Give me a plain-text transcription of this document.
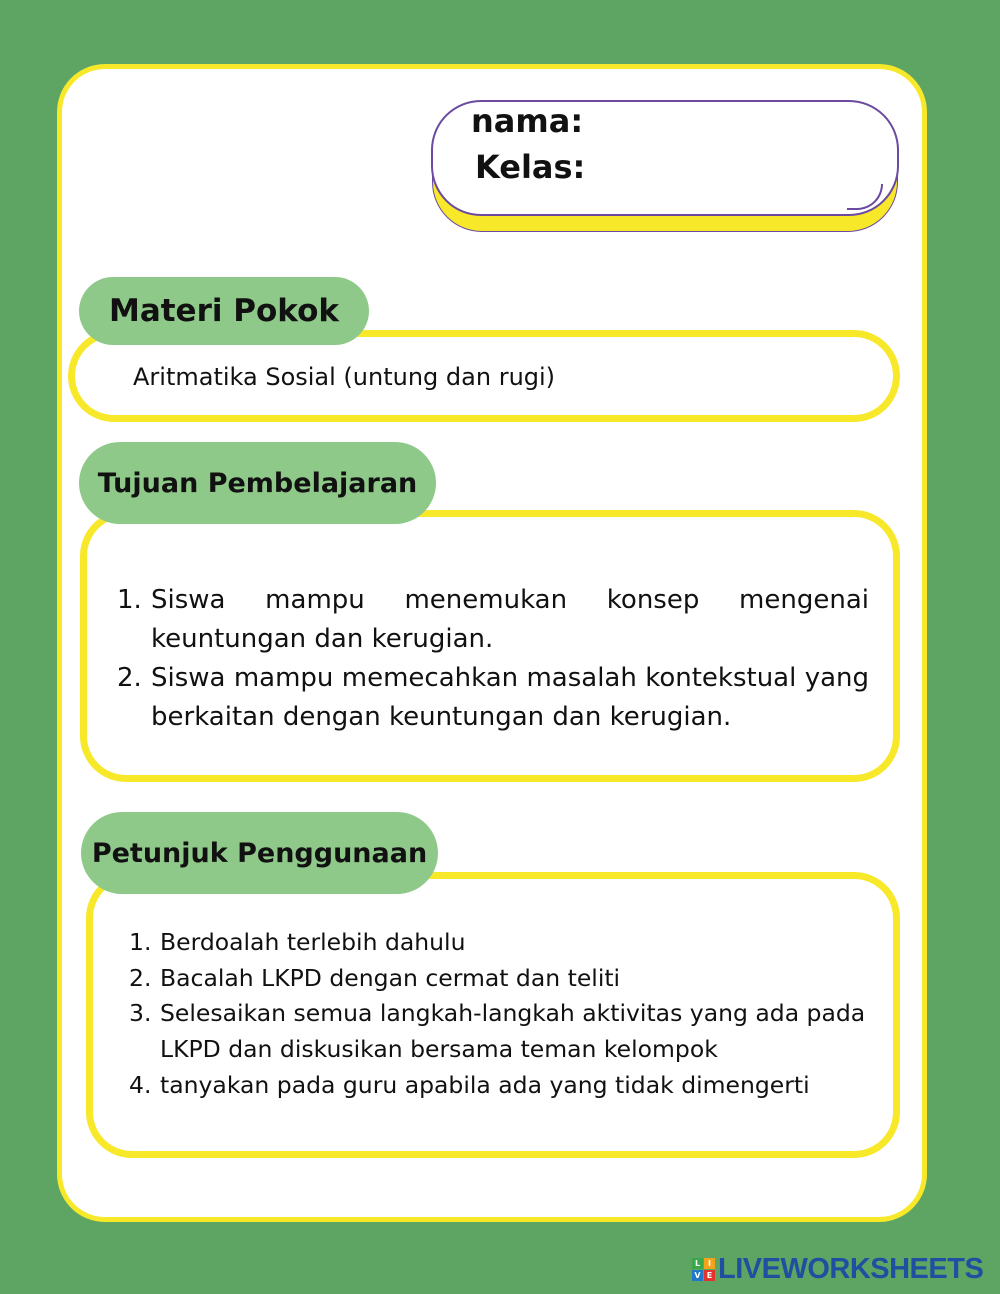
nama:
Kelas:
Aritmatika Sosial (untung dan rugi)
Materi Pokok
1. Siswa mampu menemukan konsep mengenai keuntungan dan kerugian.
2. Siswa mampu memecahkan masalah kontekstual yang berkaitan dengan keuntungan dan kerugian.
Tujuan Pembelajaran
1. Berdoalah terlebih dahulu
2. Bacalah LKPD dengan cermat dan teliti
3. Selesaikan semua langkah-langkah aktivitas yang ada pada LKPD dan diskusikan bersama teman kelompok
4. tanyakan pada guru apabila ada yang tidak dimengerti
Petunjuk Penggunaan
L I
V E LIVEWORKSHEETS
